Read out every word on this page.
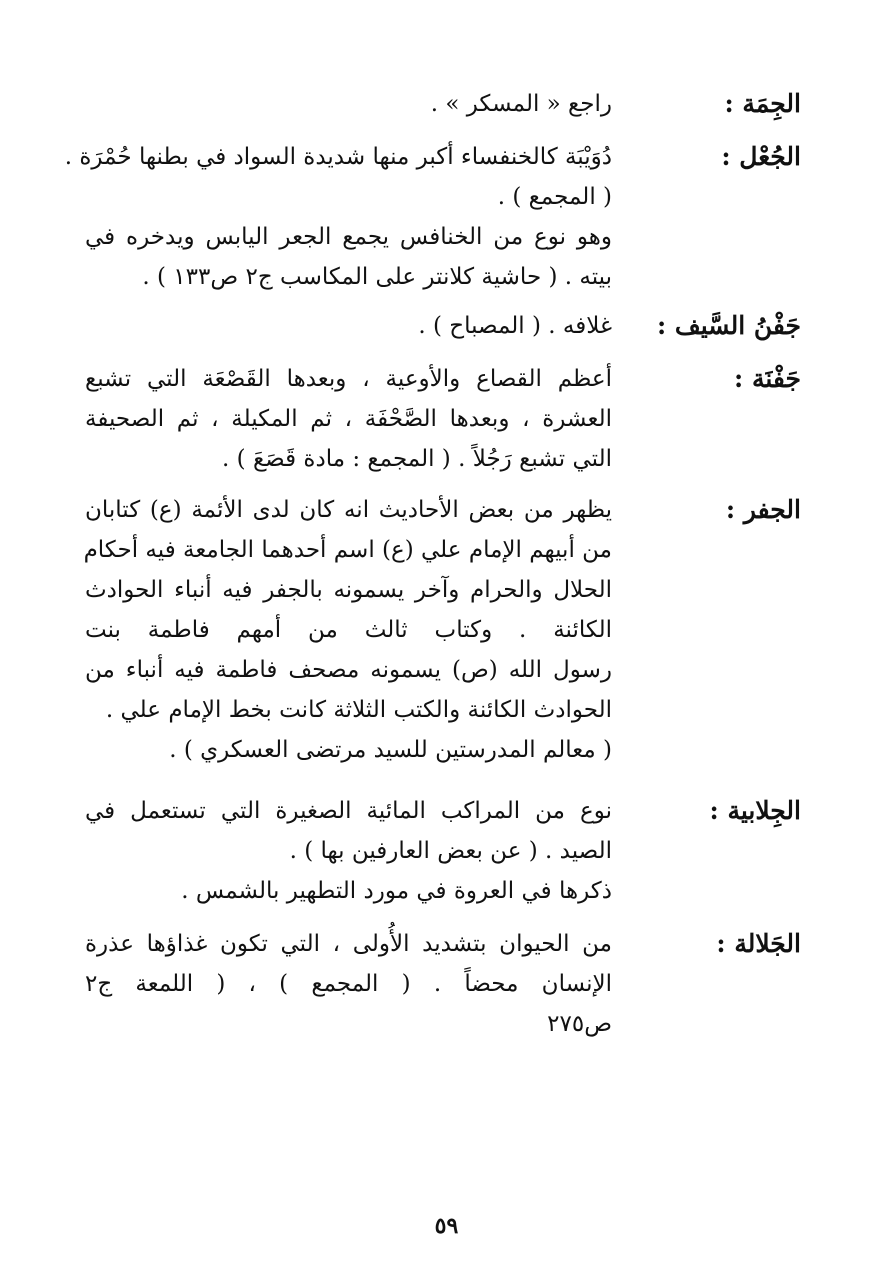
الجِمَة :
راجع « المسكر » .
الجُعْل :
دُوَيْبَة كالخنفساء أكبر منها شديدة السواد في بطنها حُمْرَة .
( المجمع ) .
وهو نوع من الخنافس يجمع الجعر اليابس ويدخره في
بيته . ( حاشية كلانتر على المكاسب ج٢ ص١٣٣ ) .
جَفْنُ السَّيف :
غلافه . ( المصباح ) .
جَفْنَة :
أعظم القصاع والأوعية ، وبعدها القَصْعَة التي تشبع
العشرة ، وبعدها الصَّحْفَة ، ثم المكيلة ، ثم الصحيفة
التي تشبع رَجُلاً . ( المجمع : مادة قَصَعَ ) .
الجفر :
يظهر من بعض الأحاديث انه كان لدى الأئمة (ع) كتابان
من أبيهم الإمام علي (ع) اسم أحدهما الجامعة فيه أحكام
الحلال والحرام وآخر يسمونه بالجفر فيه أنباء الحوادث
الكائنة . وكتاب ثالث من أمهم فاطمة بنت
رسول الله (ص) يسمونه مصحف فاطمة فيه أنباء من
الحوادث الكائنة والكتب الثلاثة كانت بخط الإمام علي .
( معالم المدرستين للسيد مرتضى العسكري ) .
الجِلابية :
نوع من المراكب المائية الصغيرة التي تستعمل في
الصيد . ( عن بعض العارفين بها ) .
ذكرها في العروة في مورد التطهير بالشمس .
الجَلالة :
من الحيوان بتشديد الأُولى ، التي تكون غذاؤها عذرة
الإنسان محضاً . ( المجمع ) ، ( اللمعة ج٢
ص٢٧٥
٥٩
